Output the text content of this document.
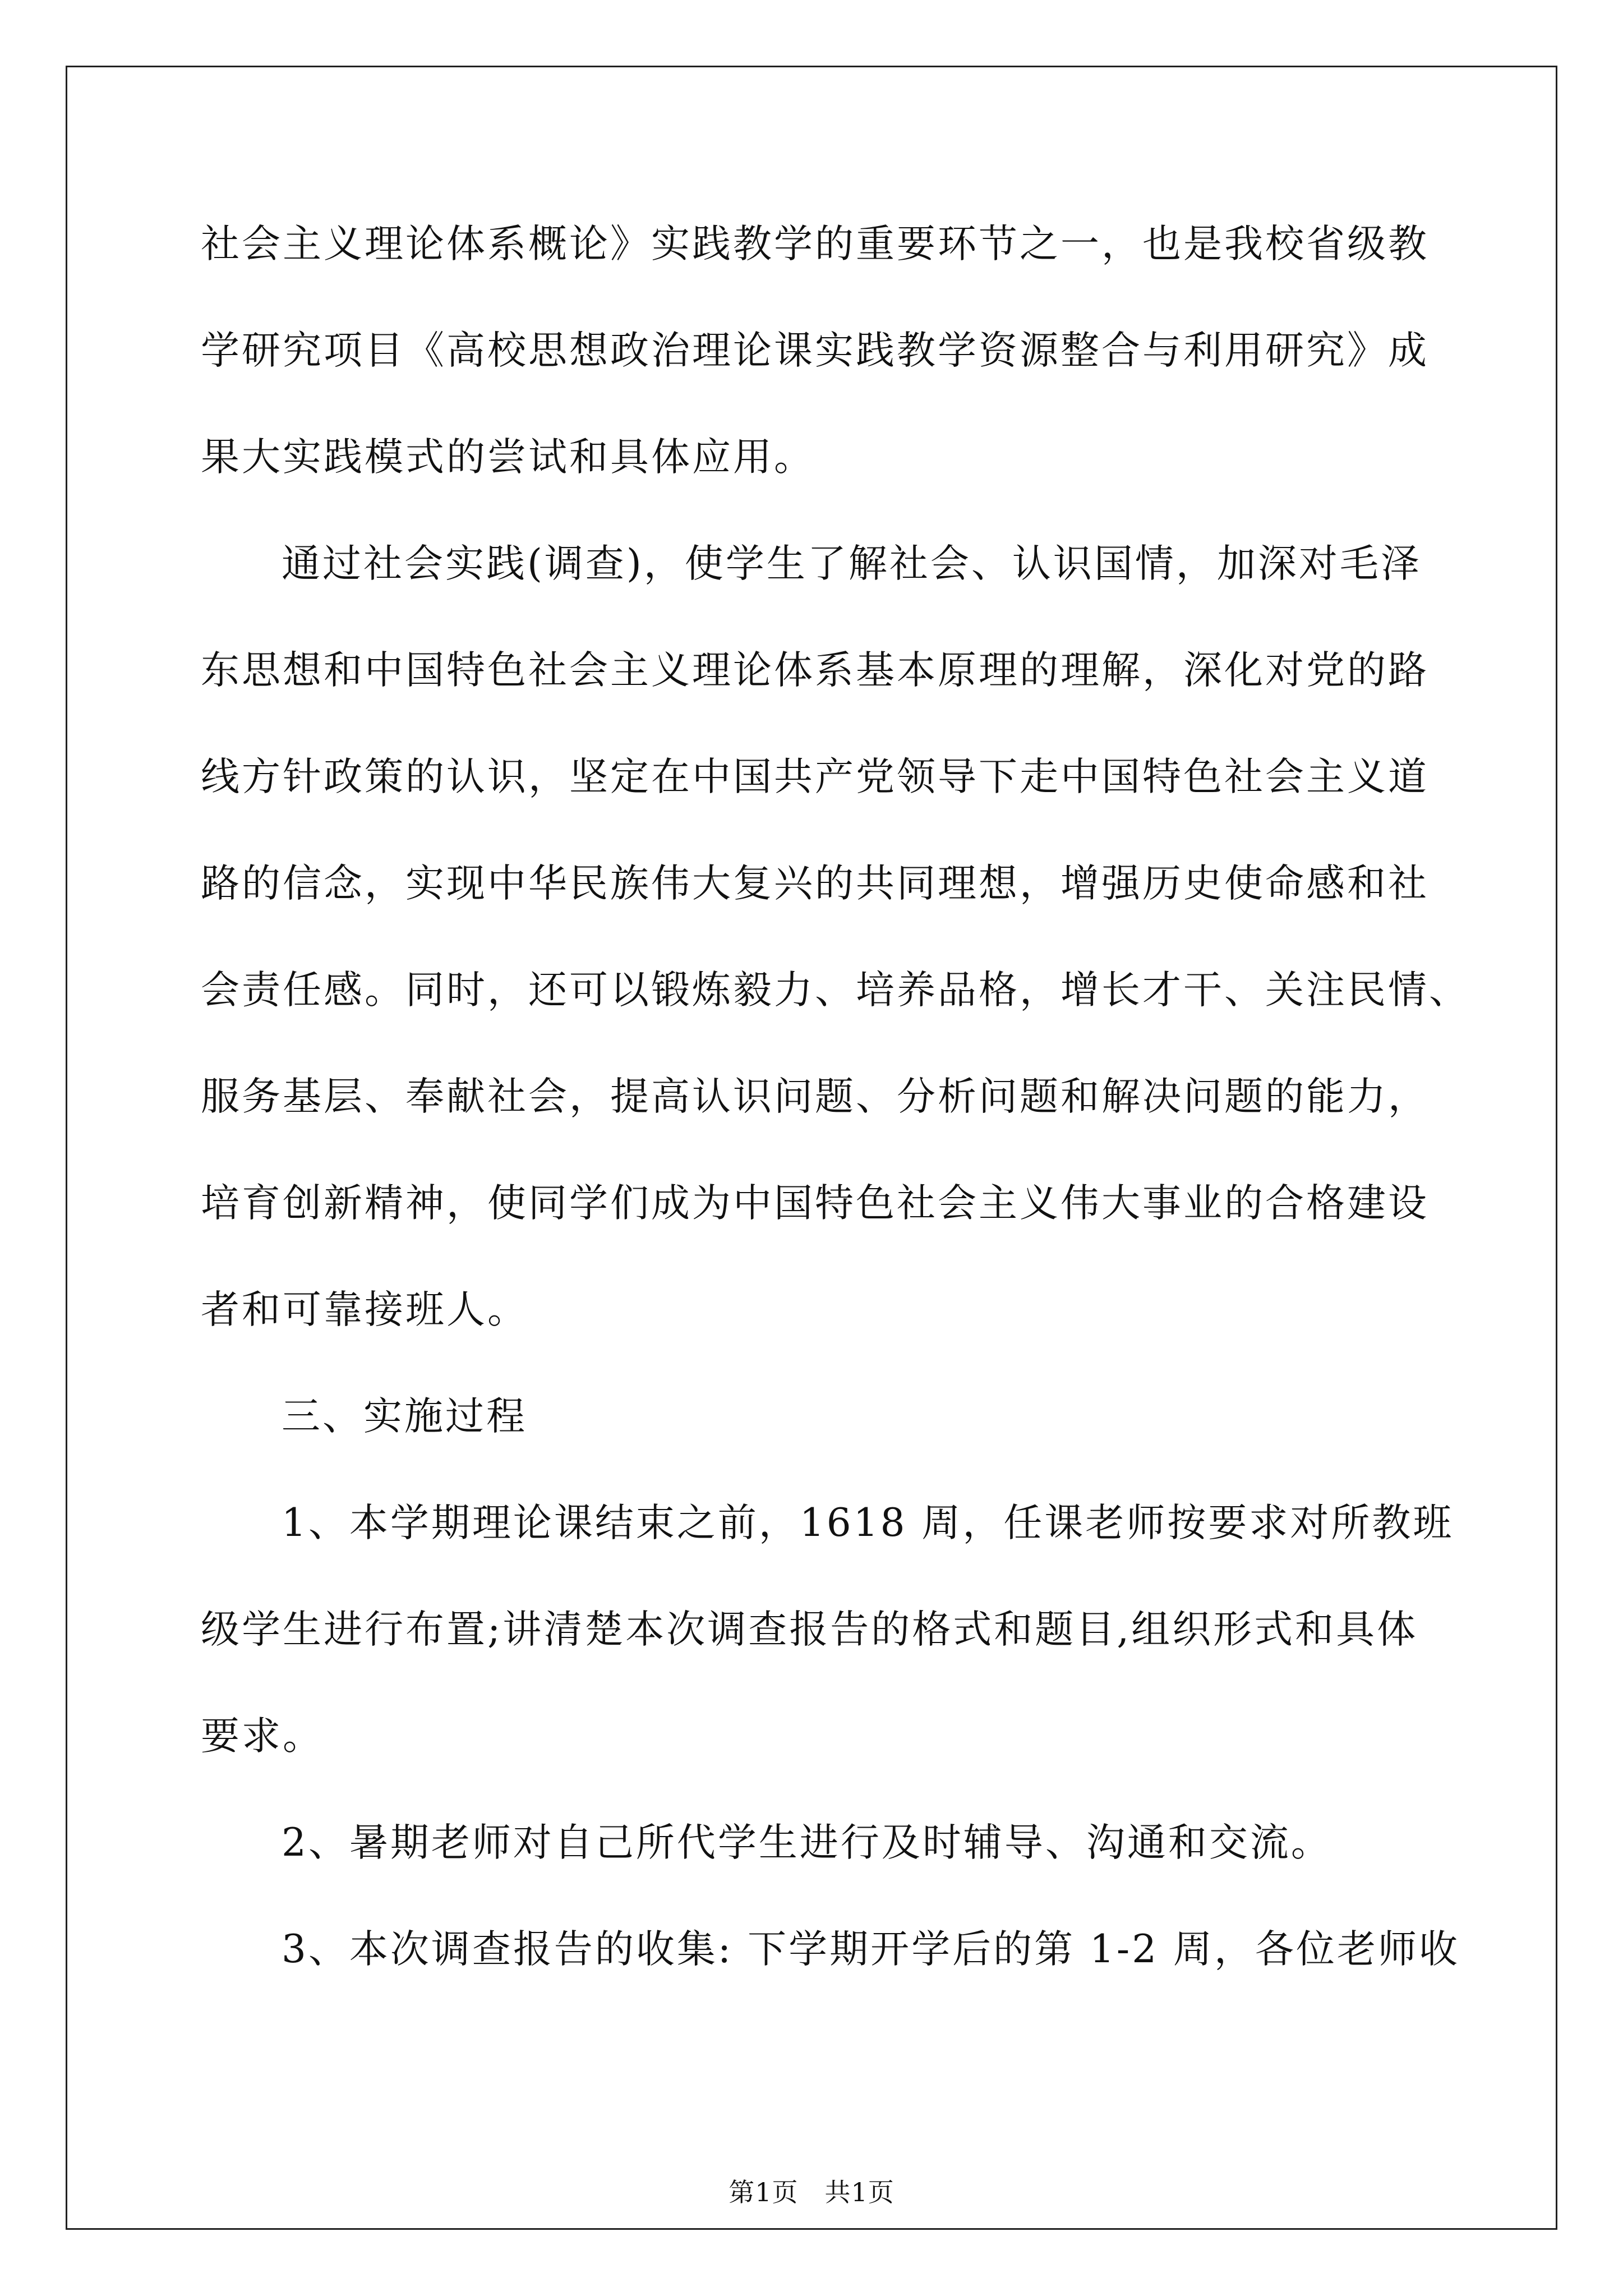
社会主义理论体系概论》实践教学的重要环节之一，也是我校省级教
学研究项目《高校思想政治理论课实践教学资源整合与利用研究》成
果大实践模式的尝试和具体应用。
通过社会实践(调查)，使学生了解社会、认识国情，加深对毛泽
东思想和中国特色社会主义理论体系基本原理的理解，深化对党的路
线方针政策的认识，坚定在中国共产党领导下走中国特色社会主义道
路的信念，实现中华民族伟大复兴的共同理想，增强历史使命感和社
会责任感。同时，还可以锻炼毅力、培养品格，增长才干、关注民情、
服务基层、奉献社会，提高认识问题、分析问题和解决问题的能力，
培育创新精神，使同学们成为中国特色社会主义伟大事业的合格建设
者和可靠接班人。
三、实施过程
1、本学期理论课结束之前，1618 周，任课老师按要求对所教班
级学生进行布置;讲清楚本次调查报告的格式和题目,组织形式和具体
要求。
2、暑期老师对自己所代学生进行及时辅导、沟通和交流。
3、本次调查报告的收集: 下学期开学后的第 1-2 周，各位老师收
第1页 共1页
